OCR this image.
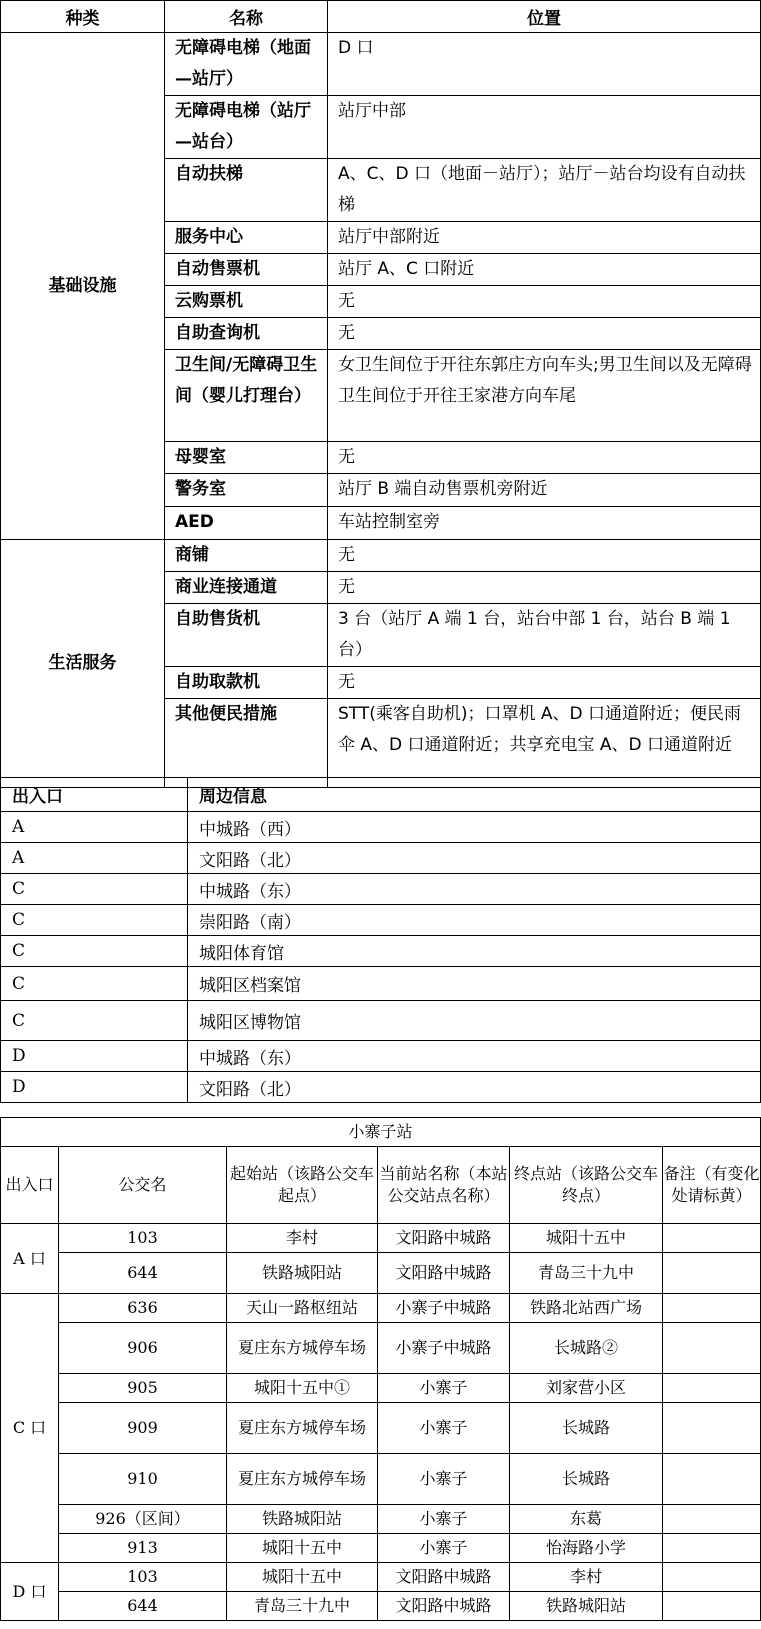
种类	名称	位置
基础设施	无障碍电梯（地面—站厅）	D 口
	无障碍电梯（站厅—站台）	站厅中部
	自动扶梯	A、C、D 口（地面－站厅）；站厅－站台均设有自动扶梯
	服务中心	站厅中部附近
	自动售票机	站厅 A、C 口附近
	云购票机	无
	自助查询机	无
	卫生间/无障碍卫生间（婴儿打理台）	女卫生间位于开往东郭庄方向车头;男卫生间以及无障碍卫生间位于开往王家港方向车尾
	母婴室	无
	警务室	站厅 B 端自动售票机旁附近
	AED	车站控制室旁
生活服务	商铺	无
	商业连接通道	无
	自助售货机	3 台（站厅 A 端 1 台，站台中部 1 台，站台 B 端 1 台）
	自助取款机	无
	其他便民措施	STT(乘客自助机)；口罩机 A、D 口通道附近；便民雨伞 A、D 口通道附近；共享充电宝 A、D 口通道附近
出入口	周边信息
A	中城路（西）
A	文阳路（北）
C	中城路（东）
C	崇阳路（南）
C	城阳体育馆
C	城阳区档案馆
C	城阳区博物馆
D	中城路（东）
D	文阳路（北）
小寨子站					
出入口	公交名	起始站（该路公交车起点）	当前站名称（本站公交站点名称）	终点站（该路公交车终点）	备注（有变化处请标黄）
A 口	103	李村	文阳路中城路	城阳十五中	
	644	铁路城阳站	文阳路中城路	青岛三十九中	
C 口	636	天山一路枢纽站	小寨子中城路	铁路北站西广场	
	906	夏庄东方城停车场	小寨子中城路	长城路②	
	905	城阳十五中①	小寨子	刘家营小区	
	909	夏庄东方城停车场	小寨子	长城路	
	910	夏庄东方城停车场	小寨子	长城路	
	926（区间）	铁路城阳站	小寨子	东葛	
	913	城阳十五中	小寨子	怡海路小学	
D 口	103	城阳十五中	文阳路中城路	李村	
	644	青岛三十九中	文阳路中城路	铁路城阳站	
